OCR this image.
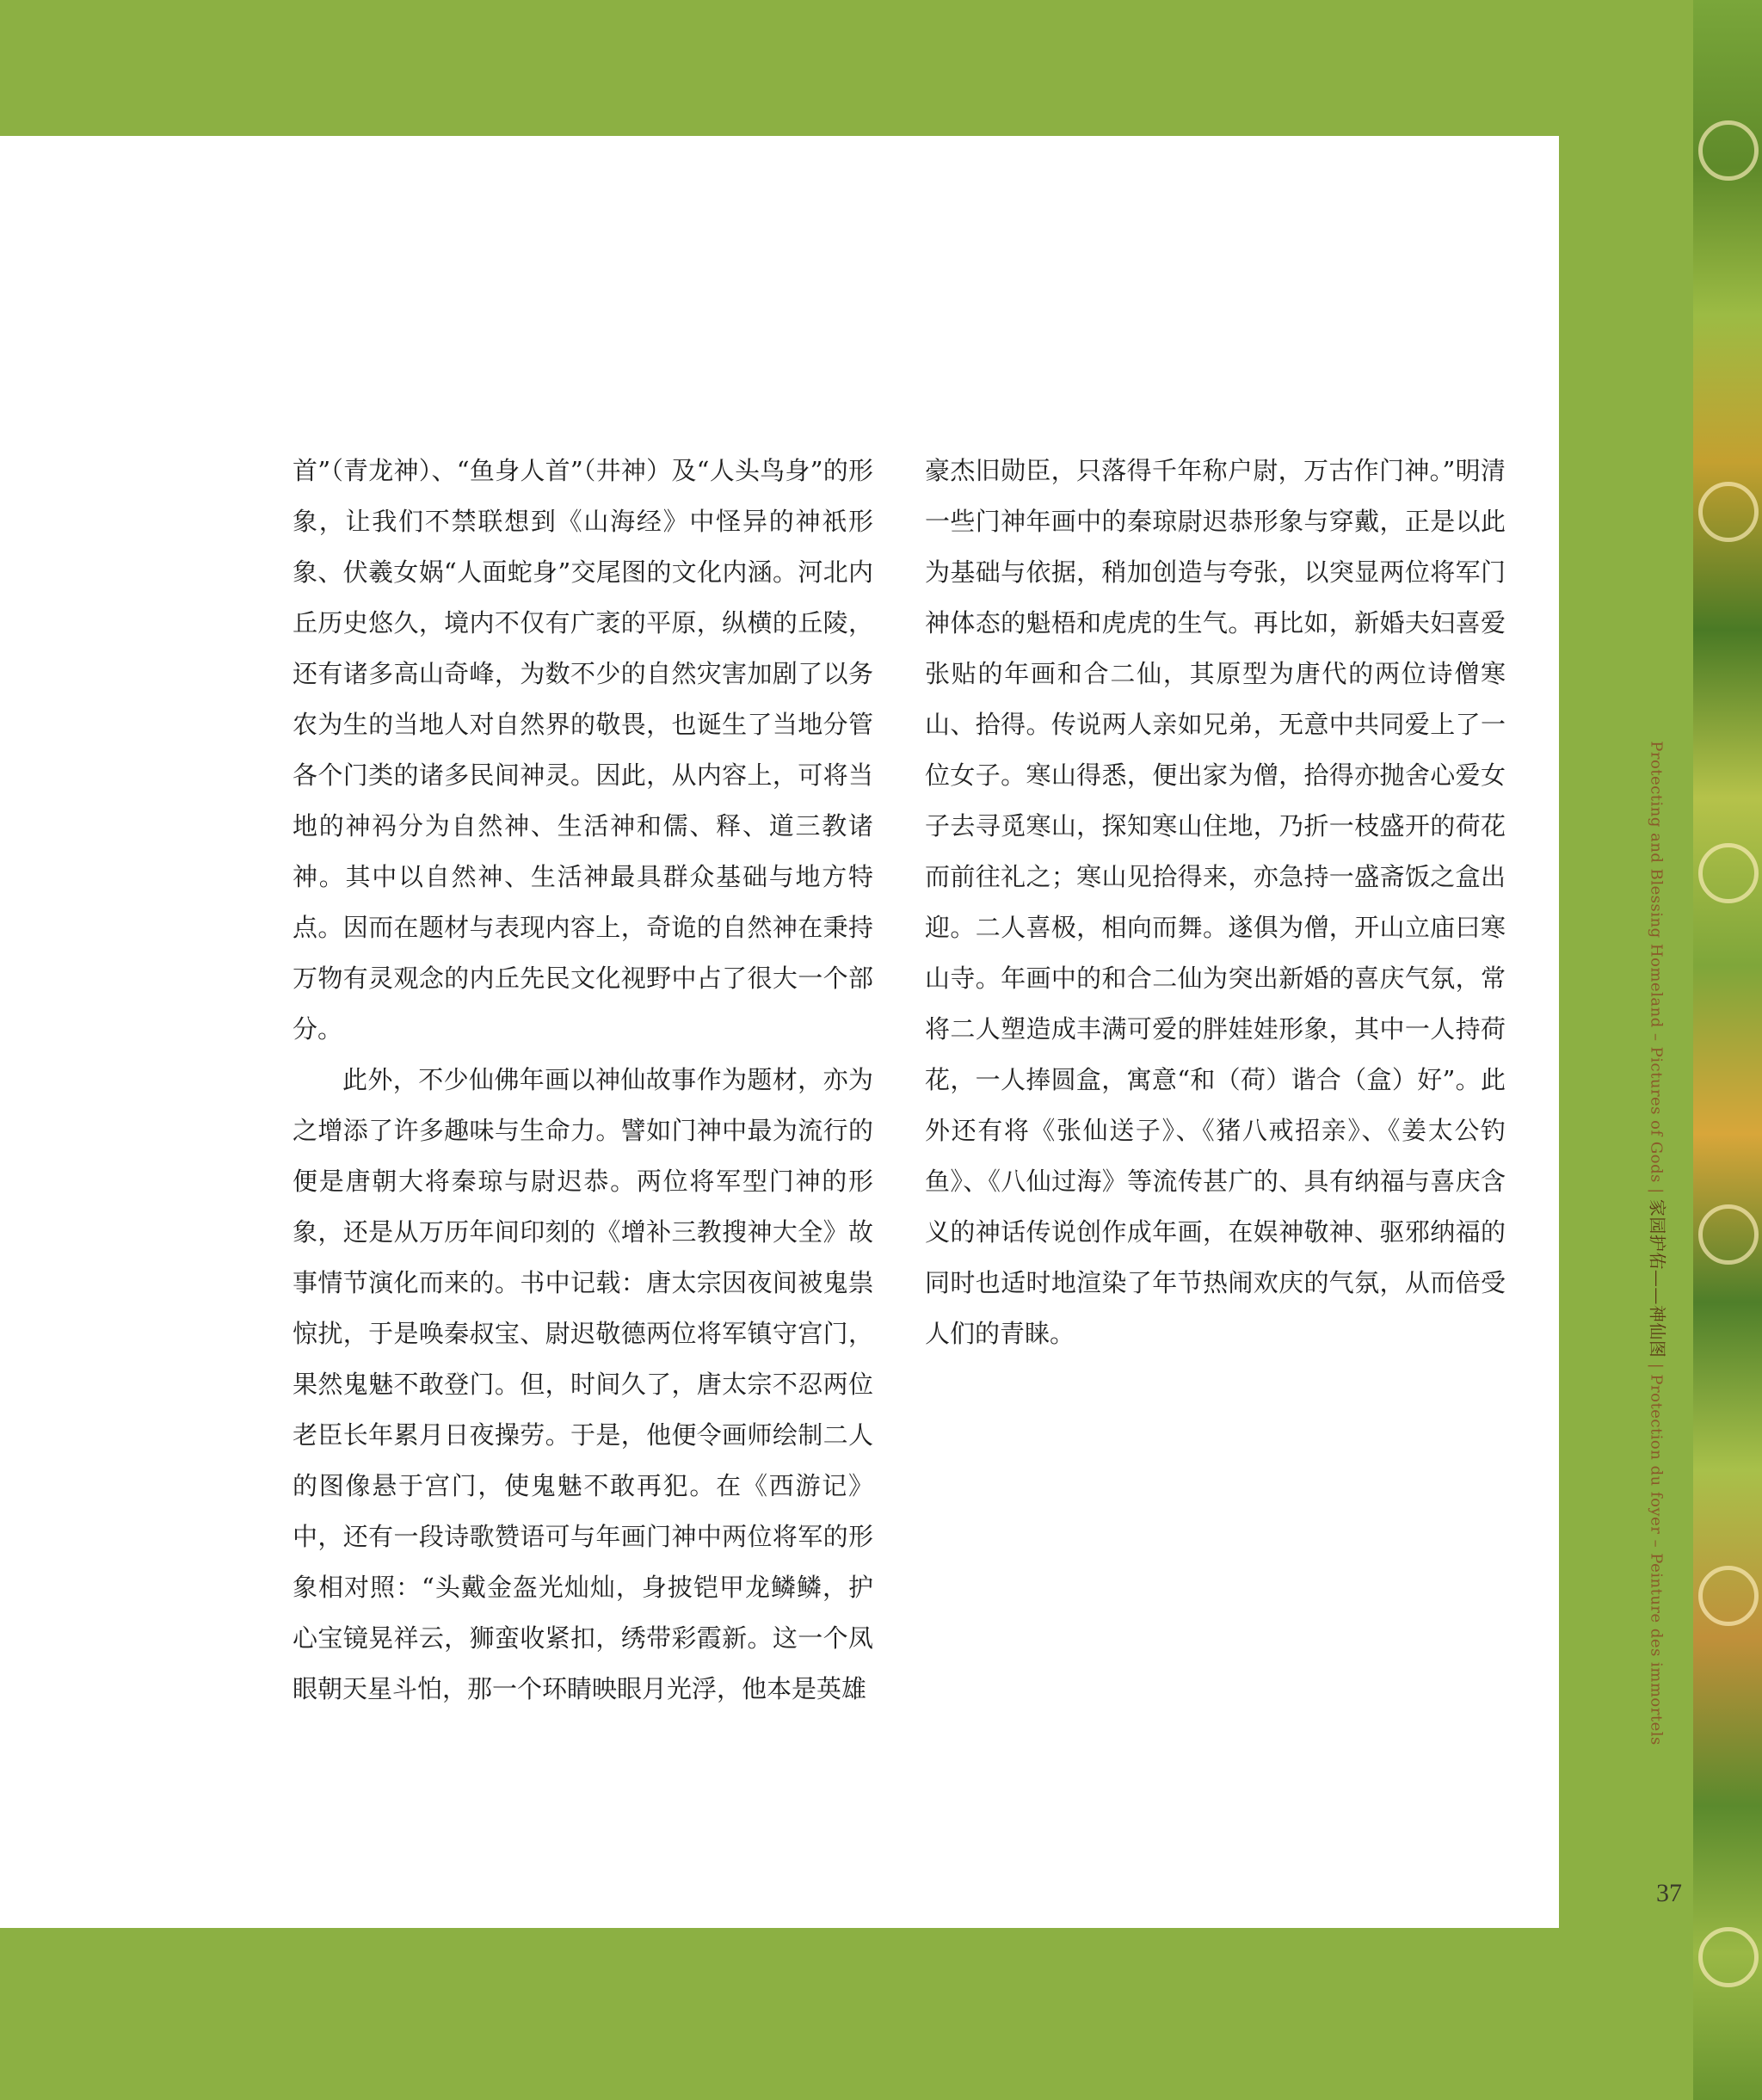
首”（青龙神）、“鱼身人首”（井神）及“人头鸟身”的形象，让我们不禁联想到《山海经》中怪异的神祇形象、伏羲女娲“人面蛇身”交尾图的文化内涵。河北内丘历史悠久，境内不仅有广袤的平原，纵横的丘陵，还有诸多高山奇峰，为数不少的自然灾害加剧了以务农为生的当地人对自然界的敬畏，也诞生了当地分管各个门类的诸多民间神灵。因此，从内容上，可将当地的神祃分为自然神、生活神和儒、释、道三教诸神。其中以自然神、生活神最具群众基础与地方特点。因而在题材与表现内容上，奇诡的自然神在秉持万物有灵观念的内丘先民文化视野中占了很大一个部分。

此外，不少仙佛年画以神仙故事作为题材，亦为之增添了许多趣味与生命力。譬如门神中最为流行的便是唐朝大将秦琼与尉迟恭。两位将军型门神的形象，还是从万历年间印刻的《增补三教搜神大全》故事情节演化而来的。书中记载：唐太宗因夜间被鬼祟惊扰，于是唤秦叔宝、尉迟敬德两位将军镇守宫门，果然鬼魅不敢登门。但，时间久了，唐太宗不忍两位老臣长年累月日夜操劳。于是，他便令画师绘制二人的图像悬于宫门，使鬼魅不敢再犯。在《西游记》中，还有一段诗歌赞语可与年画门神中两位将军的形象相对照：“头戴金盔光灿灿，身披铠甲龙鳞鳞，护心宝镜晃祥云，狮蛮收紧扣，绣带彩霞新。这一个凤眼朝天星斗怕，那一个环睛映眼月光浮，他本是英雄

豪杰旧勋臣，只落得千年称户尉，万古作门神。”明清一些门神年画中的秦琼尉迟恭形象与穿戴，正是以此为基础与依据，稍加创造与夸张，以突显两位将军门神体态的魁梧和虎虎的生气。再比如，新婚夫妇喜爱张贴的年画和合二仙，其原型为唐代的两位诗僧寒山、拾得。传说两人亲如兄弟，无意中共同爱上了一位女子。寒山得悉，便出家为僧，拾得亦抛舍心爱女子去寻觅寒山，探知寒山住地，乃折一枝盛开的荷花而前往礼之；寒山见拾得来，亦急持一盛斋饭之盒出迎。二人喜极，相向而舞。遂俱为僧，开山立庙曰寒山寺。年画中的和合二仙为突出新婚的喜庆气氛，常将二人塑造成丰满可爱的胖娃娃形象，其中一人持荷花，一人捧圆盒，寓意“和（荷）谐合（盒）好”。此外还有将《张仙送子》、《猪八戒招亲》、《姜太公钓鱼》、《八仙过海》等流传甚广的、具有纳福与喜庆含义的神话传说创作成年画，在娱神敬神、驱邪纳福的同时也适时地渲染了年节热闹欢庆的气氛，从而倍受人们的青睐。

Protecting and Blessing Homeland – Pictures of Gods | 家园护佑——神仙图 | Protection du foyer – Peinture des immortels
37
